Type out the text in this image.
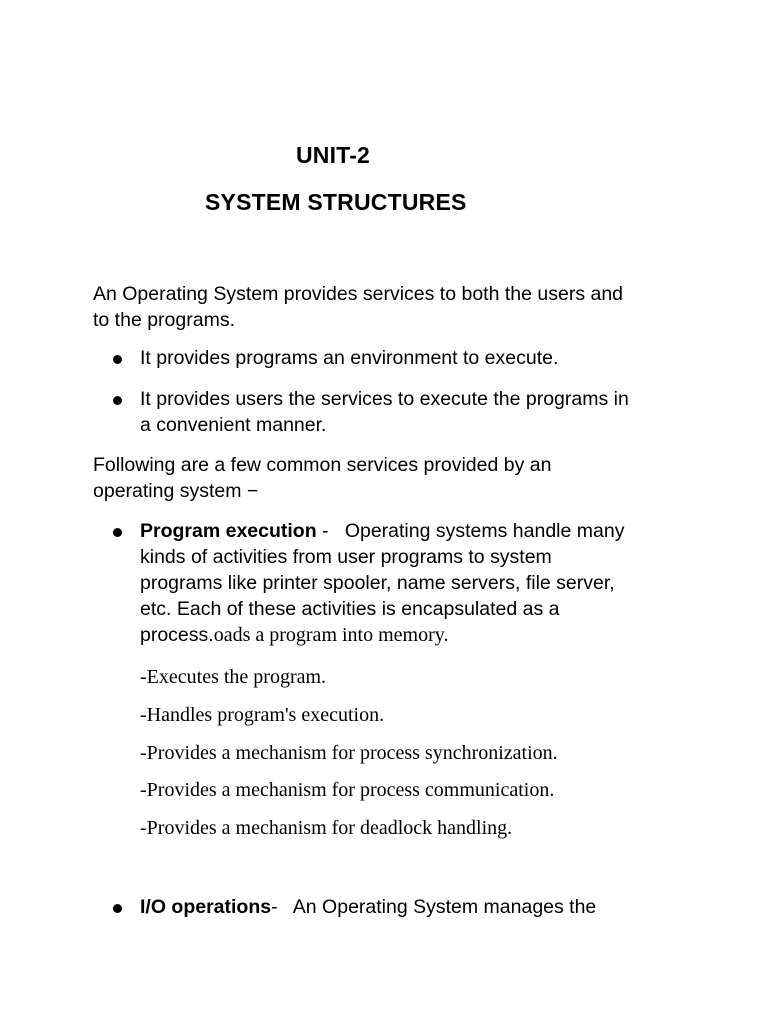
UNIT-2
SYSTEM STRUCTURES
An Operating System provides services to both the users and
to the programs.
It provides programs an environment to execute.
It provides users the services to execute the programs in
a convenient manner.
Following are a few common services provided by an
operating system −
Program execution -   Operating systems handle many
kinds of activities from user programs to system
programs like printer spooler, name servers, file server,
etc. Each of these activities is encapsulated as a
process.oads a program into memory.
-Executes the program.
-Handles program's execution.
-Provides a mechanism for process synchronization.
-Provides a mechanism for process communication.
-Provides a mechanism for deadlock handling.
I/O operations-   An Operating System manages the
